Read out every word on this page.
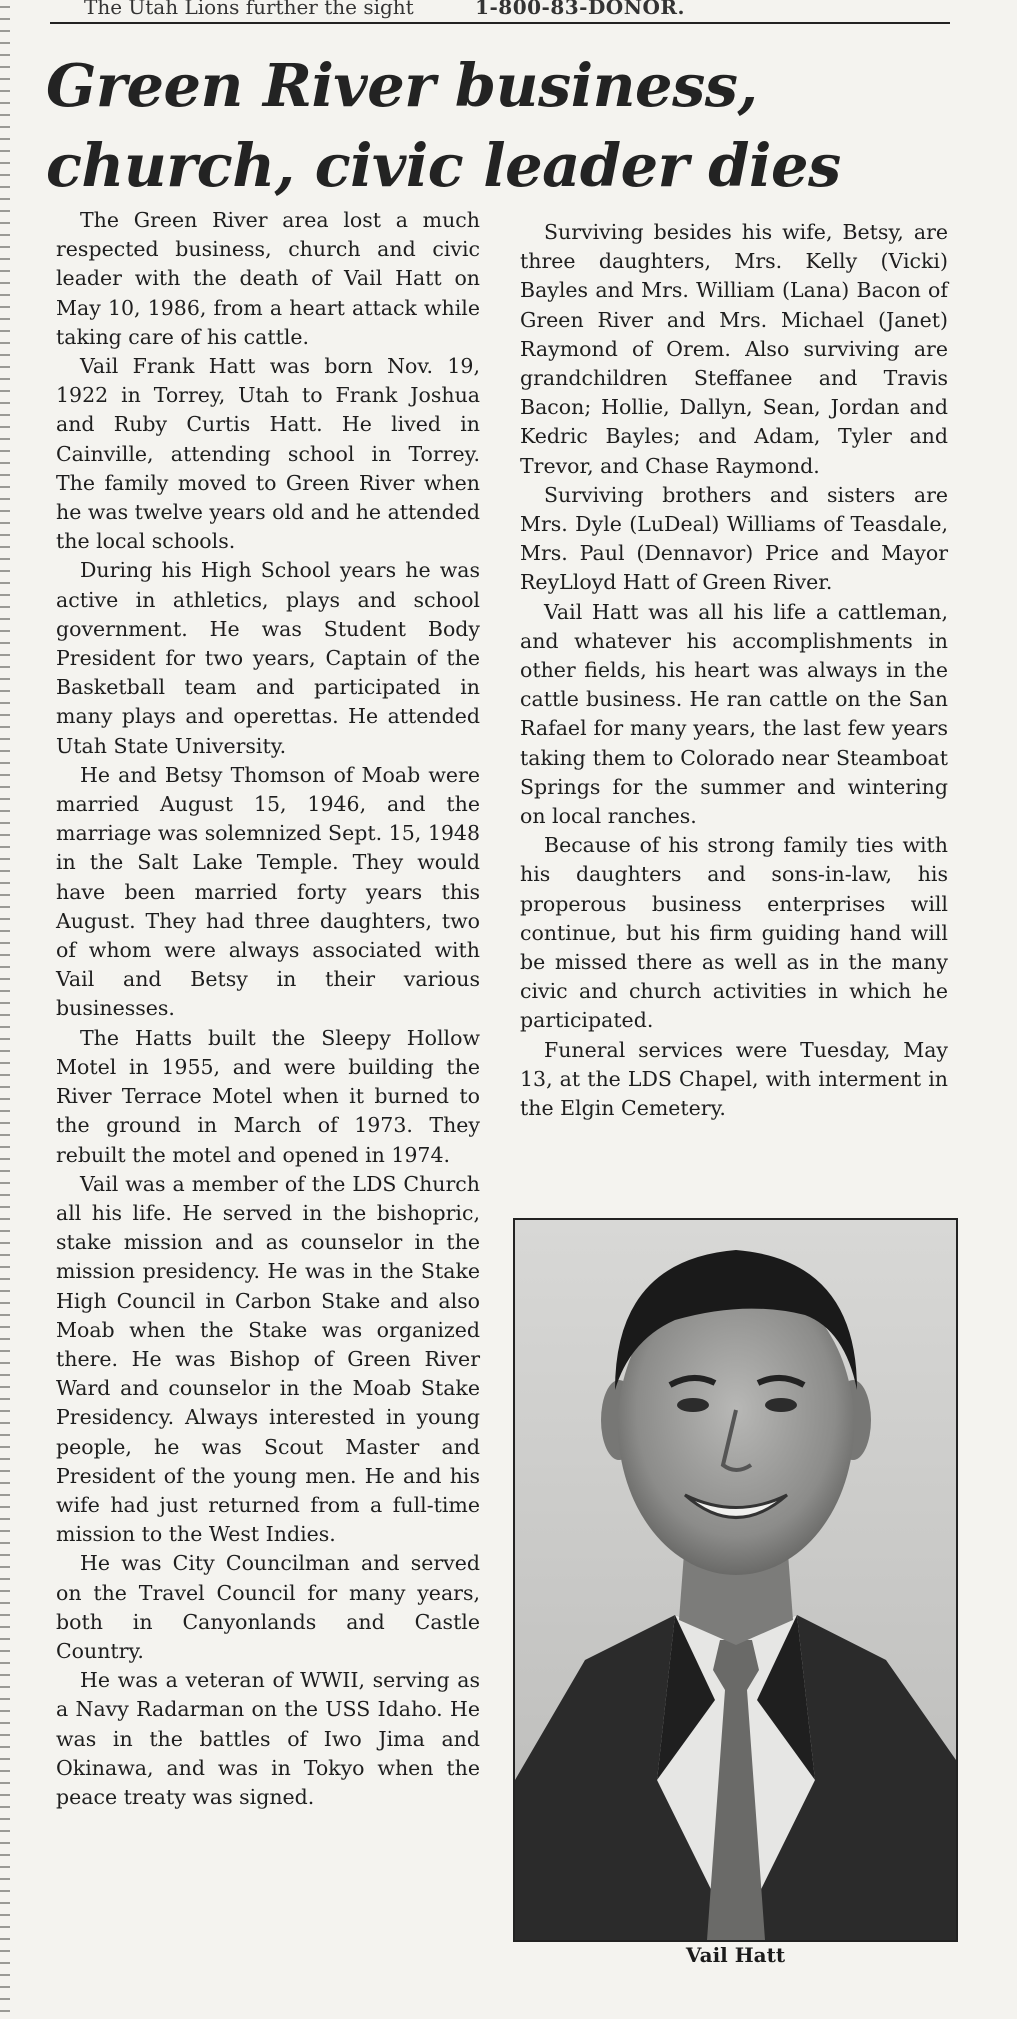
The Utah Lions further the sight	1-800-83-DONOR.
Green River business, church, civic leader dies

The Green River area lost a much respected business, church and civic leader with the death of Vail Hatt on May 10, 1986, from a heart attack while taking care of his cattle.

Vail Frank Hatt was born Nov. 19, 1922 in Torrey, Utah to Frank Joshua and Ruby Curtis Hatt. He lived in Cainville, attending school in Torrey. The family moved to Green River when he was twelve years old and he attended the local schools.

During his High School years he was active in athletics, plays and school government. He was Student Body President for two years, Captain of the Basketball team and participated in many plays and operettas. He attended Utah State University.

He and Betsy Thomson of Moab were married August 15, 1946, and the marriage was solemnized Sept. 15, 1948 in the Salt Lake Temple. They would have been married forty years this August. They had three daughters, two of whom were always associated with Vail and Betsy in their various businesses.

The Hatts built the Sleepy Hollow Motel in 1955, and were building the River Terrace Motel when it burned to the ground in March of 1973. They rebuilt the motel and opened in 1974.

Vail was a member of the LDS Church all his life. He served in the bishopric, stake mission and as counselor in the mission presidency. He was in the Stake High Council in Carbon Stake and also Moab when the Stake was organized there. He was Bishop of Green River Ward and counselor in the Moab Stake Presidency. Always interested in young people, he was Scout Master and President of the young men. He and his wife had just returned from a full-time mission to the West Indies.

He was City Councilman and served on the Travel Council for many years, both in Canyonlands and Castle Country.

He was a veteran of WWII, serving as a Navy Radarman on the USS Idaho. He was in the battles of Iwo Jima and Okinawa, and was in Tokyo when the peace treaty was signed.

Surviving besides his wife, Betsy, are three daughters, Mrs. Kelly (Vicki) Bayles and Mrs. William (Lana) Bacon of Green River and Mrs. Michael (Janet) Raymond of Orem. Also surviving are grandchildren Steffanee and Travis Bacon; Hollie, Dallyn, Sean, Jordan and Kedric Bayles; and Adam, Tyler and Trevor, and Chase Raymond.

Surviving brothers and sisters are Mrs. Dyle (LuDeal) Williams of Teasdale, Mrs. Paul (Dennavor) Price and Mayor ReyLloyd Hatt of Green River.

Vail Hatt was all his life a cattleman, and whatever his accomplishments in other fields, his heart was always in the cattle business. He ran cattle on the San Rafael for many years, the last few years taking them to Colorado near Steamboat Springs for the summer and wintering on local ranches.

Because of his strong family ties with his daughters and sons-in-law, his properous business enterprises will continue, but his firm guiding hand will be missed there as well as in the many civic and church activities in which he participated.

Funeral services were Tuesday, May 13, at the LDS Chapel, with interment in the Elgin Cemetery.

Vail Hatt
